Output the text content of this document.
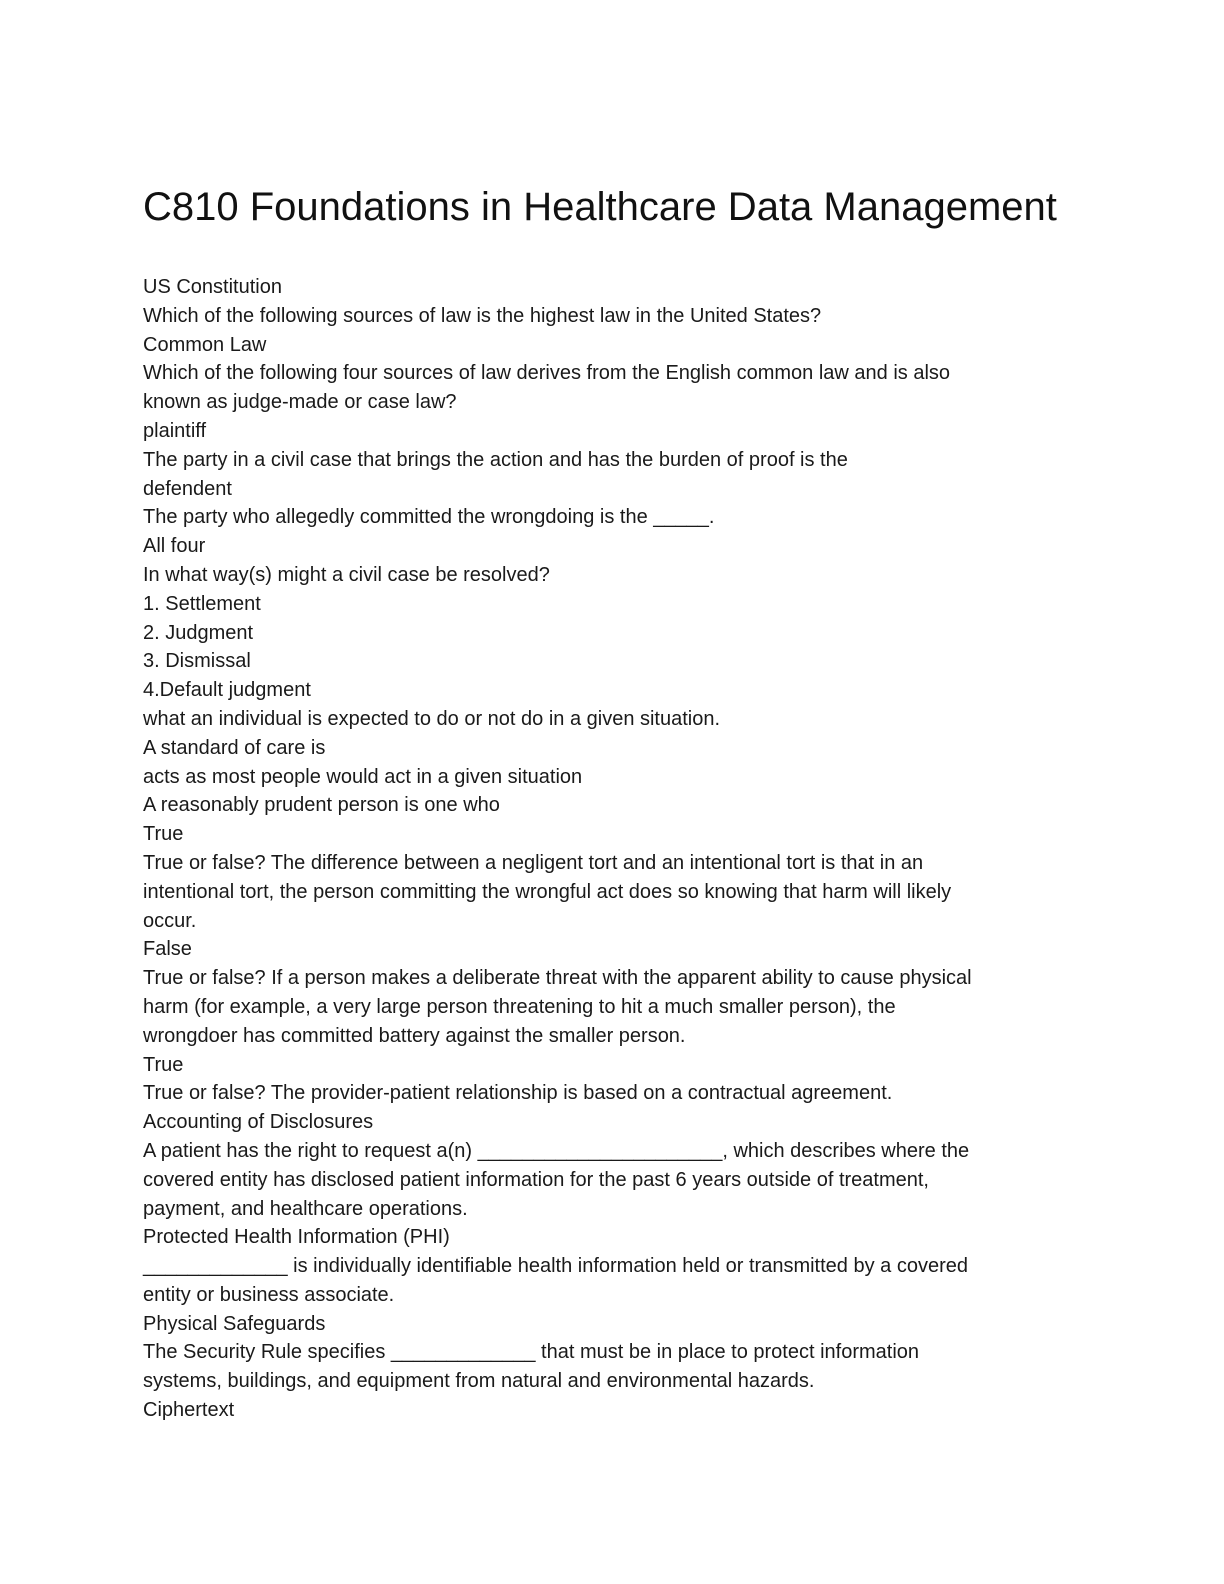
C810 Foundations in Healthcare Data Management
US Constitution
Which of the following sources of law is the highest law in the United States?
Common Law
Which of the following four sources of law derives from the English common law and is also
known as judge-made or case law?
plaintiff
The party in a civil case that brings the action and has the burden of proof is the
defendent
The party who allegedly committed the wrongdoing is the _____.
All four
In what way(s) might a civil case be resolved?
1. Settlement
2. Judgment
3. Dismissal
4.Default judgment
what an individual is expected to do or not do in a given situation.
A standard of care is
acts as most people would act in a given situation
A reasonably prudent person is one who
True
True or false? The difference between a negligent tort and an intentional tort is that in an
intentional tort, the person committing the wrongful act does so knowing that harm will likely
occur.
False
True or false? If a person makes a deliberate threat with the apparent ability to cause physical
harm (for example, a very large person threatening to hit a much smaller person), the
wrongdoer has committed battery against the smaller person.
True
True or false? The provider-patient relationship is based on a contractual agreement.
Accounting of Disclosures
A patient has the right to request a(n) ______________________, which describes where the
covered entity has disclosed patient information for the past 6 years outside of treatment,
payment, and healthcare operations.
Protected Health Information (PHI)
_____________ is individually identifiable health information held or transmitted by a covered
entity or business associate.
Physical Safeguards
The Security Rule specifies _____________ that must be in place to protect information
systems, buildings, and equipment from natural and environmental hazards.
Ciphertext
